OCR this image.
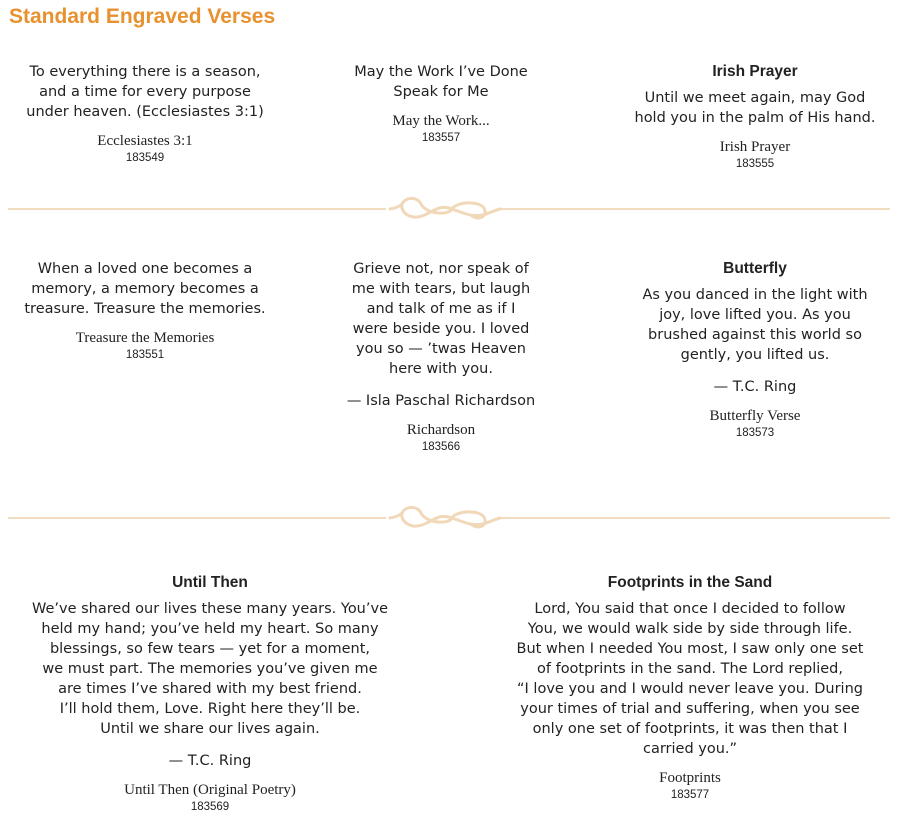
Standard Engraved Verses
To everything there is a season,
and a time for every purpose
under heaven. (Ecclesiastes 3:1)
Ecclesiastes 3:1
183549
May the Work I’ve Done
Speak for Me
May the Work...
183557
Irish Prayer
Until we meet again, may God
hold you in the palm of His hand.
Irish Prayer
183555
When a loved one becomes a
memory, a memory becomes a
treasure. Treasure the memories.
Treasure the Memories
183551
Grieve not, nor speak of
me with tears, but laugh
and talk of me as if I
were beside you. I loved
you so — ’twas Heaven
here with you.
— Isla Paschal Richardson
Richardson
183566
Butterfly
As you danced in the light with
joy, love lifted you. As you
brushed against this world so
gently, you lifted us.
— T.C. Ring
Butterfly Verse
183573
Until Then
We’ve shared our lives these many years. You’ve
held my hand; you’ve held my heart. So many
blessings, so few tears — yet for a moment,
we must part. The memories you’ve given me
are times I’ve shared with my best friend.
I’ll hold them, Love. Right here they’ll be.
Until we share our lives again.
— T.C. Ring
Until Then (Original Poetry)
183569
Footprints in the Sand
Lord, You said that once I decided to follow
You, we would walk side by side through life.
But when I needed You most, I saw only one set
of footprints in the sand. The Lord replied,
“I love you and I would never leave you. During
your times of trial and suffering, when you see
only one set of footprints, it was then that I
carried you.”
Footprints
183577
